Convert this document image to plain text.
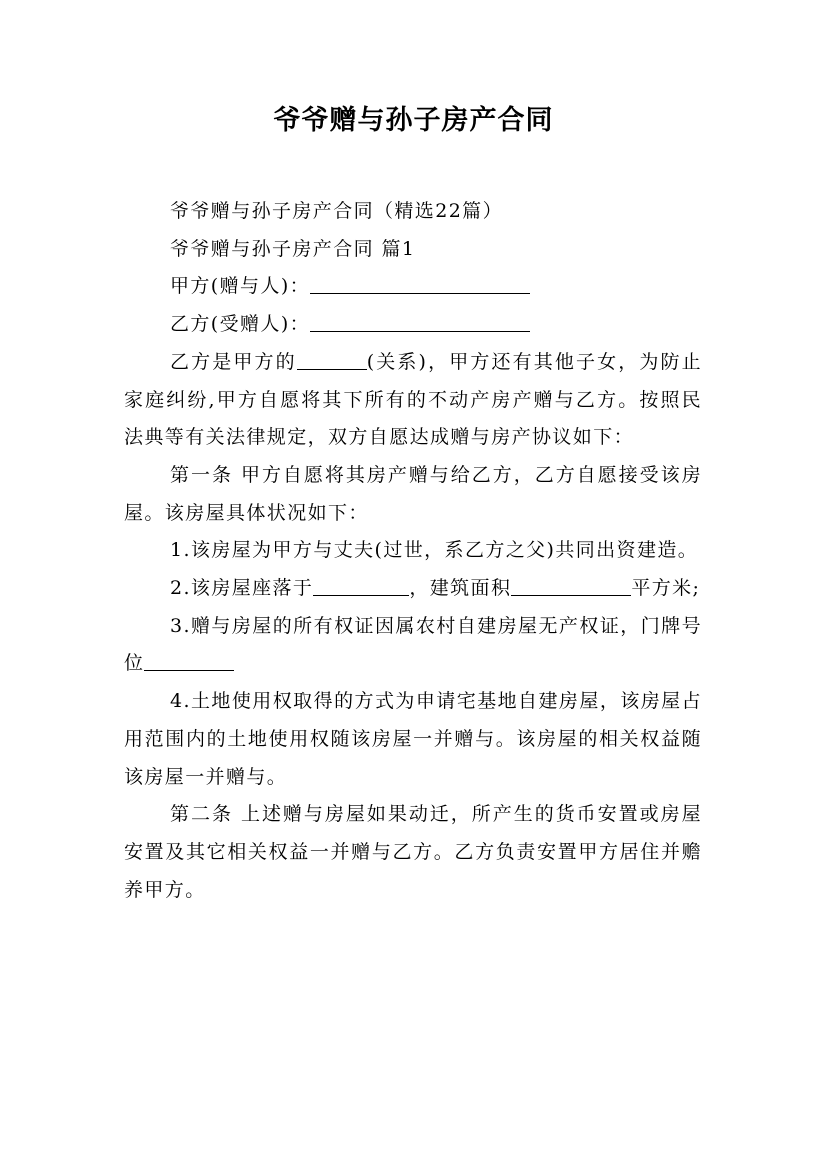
爷爷赠与孙子房产合同

爷爷赠与孙子房产合同（精选22篇）

爷爷赠与孙子房产合同 篇1

甲方(赠与人)：

乙方(受赠人)：

乙方是甲方的	(关系)，甲方还有其他子女，为防止家庭纠纷,甲方自愿将其下所有的不动产房产赠与乙方。按照民法典等有关法律规定，双方自愿达成赠与房产协议如下：

第一条 甲方自愿将其房产赠与给乙方，乙方自愿接受该房屋。该房屋具体状况如下：

1.该房屋为甲方与丈夫(过世，系乙方之父)共同出资建造。

2.该房屋座落于	，建筑面积	平方米;

3.赠与房屋的所有权证因属农村自建房屋无产权证，门牌号位

4.土地使用权取得的方式为申请宅基地自建房屋，该房屋占用范围内的土地使用权随该房屋一并赠与。该房屋的相关权益随该房屋一并赠与。

第二条 上述赠与房屋如果动迁，所产生的货币安置或房屋安置及其它相关权益一并赠与乙方。乙方负责安置甲方居住并赡养甲方。
